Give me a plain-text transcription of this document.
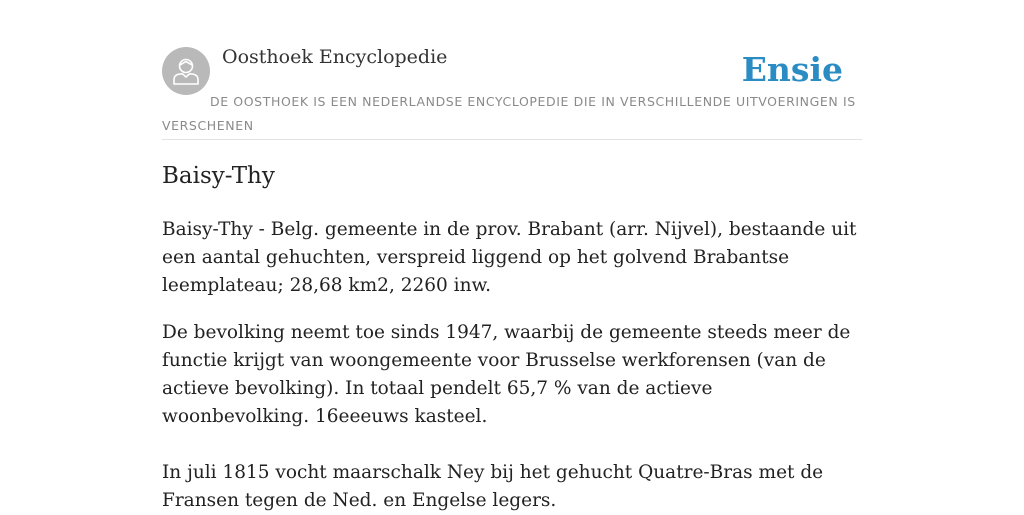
Oosthoek Encyclopedie	Ensie
DE OOSTHOEK IS EEN NEDERLANDSE ENCYCLOPEDIE DIE IN VERSCHILLENDE UITVOERINGEN IS VERSCHENEN
Baisy-Thy

Baisy-Thy - Belg. gemeente in de prov. Brabant (arr. Nijvel), bestaande uit een aantal gehuchten, verspreid liggend op het golvend Brabantse leemplateau; 28,68 km2, 2260 inw.

De bevolking neemt toe sinds 1947, waarbij de gemeente steeds meer de functie krijgt van woongemeente voor Brusselse werkforensen (van de actieve bevolking). In totaal pendelt 65,7 % van de actieve woonbevolking. 16eeeuws kasteel.

In juli 1815 vocht maarschalk Ney bij het gehucht Quatre-Bras met de Fransen tegen de Ned. en Engelse legers.
